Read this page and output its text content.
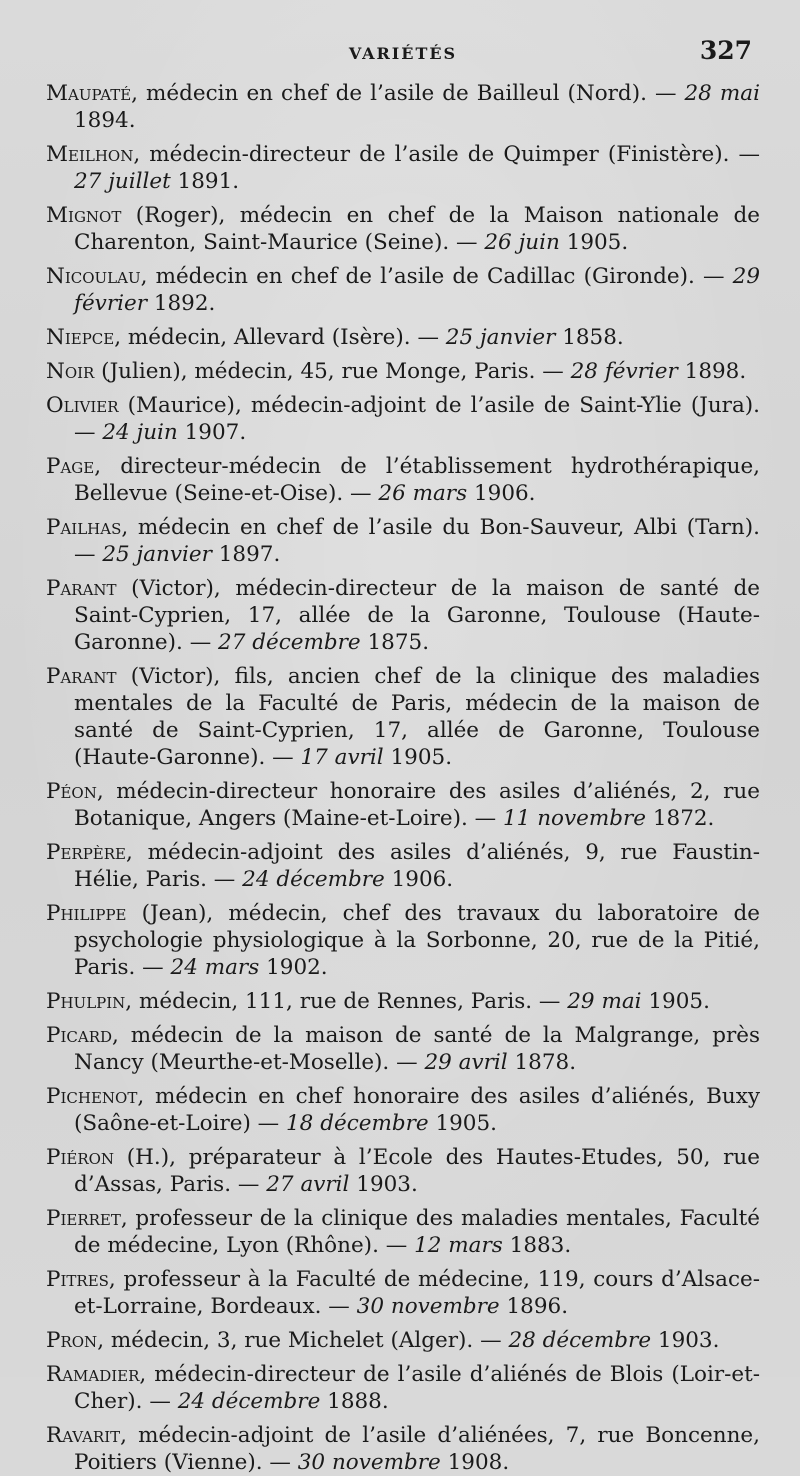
VARIÉTÉS	327
Maupaté, médecin en chef de l’asile de Bailleul (Nord). — 28 mai 1894.
Meilhon, médecin-directeur de l’asile de Quimper (Finistère). — 27 juillet 1891.
Mignot (Roger), médecin en chef de la Maison nationale de Charenton, Saint-Maurice (Seine). — 26 juin 1905.
Nicoulau, médecin en chef de l’asile de Cadillac (Gironde). — 29 février 1892.
Niepce, médecin, Allevard (Isère). — 25 janvier 1858.
Noir (Julien), médecin, 45, rue Monge, Paris. — 28 février 1898.
Olivier (Maurice), médecin-adjoint de l’asile de Saint-Ylie (Jura). — 24 juin 1907.
Page, directeur-médecin de l’établissement hydrothérapique, Bellevue (Seine-et-Oise). — 26 mars 1906.
Pailhas, médecin en chef de l’asile du Bon-Sauveur, Albi (Tarn). — 25 janvier 1897.
Parant (Victor), médecin-directeur de la maison de santé de Saint-Cyprien, 17, allée de la Garonne, Toulouse (Haute-Garonne). — 27 décembre 1875.
Parant (Victor), fils, ancien chef de la clinique des maladies mentales de la Faculté de Paris, médecin de la maison de santé de Saint-Cyprien, 17, allée de Garonne, Toulouse (Haute-Garonne). — 17 avril 1905.
Péon, médecin-directeur honoraire des asiles d’aliénés, 2, rue Botanique, Angers (Maine-et-Loire). — 11 novembre 1872.
Perpère, médecin-adjoint des asiles d’aliénés, 9, rue Faustin-Hélie, Paris. — 24 décembre 1906.
Philippe (Jean), médecin, chef des travaux du laboratoire de psychologie physiologique à la Sorbonne, 20, rue de la Pitié, Paris. — 24 mars 1902.
Phulpin, médecin, 111, rue de Rennes, Paris. — 29 mai 1905.
Picard, médecin de la maison de santé de la Malgrange, près Nancy (Meurthe-et-Moselle). — 29 avril 1878.
Pichenot, médecin en chef honoraire des asiles d’aliénés, Buxy (Saône-et-Loire) — 18 décembre 1905.
Piéron (H.), préparateur à l’Ecole des Hautes-Etudes, 50, rue d’Assas, Paris. — 27 avril 1903.
Pierret, professeur de la clinique des maladies mentales, Faculté de médecine, Lyon (Rhône). — 12 mars 1883.
Pitres, professeur à la Faculté de médecine, 119, cours d’Alsace-et-Lorraine, Bordeaux. — 30 novembre 1896.
Pron, médecin, 3, rue Michelet (Alger). — 28 décembre 1903.
Ramadier, médecin-directeur de l’asile d’aliénés de Blois (Loir-et-Cher). — 24 décembre 1888.
Ravarit, médecin-adjoint de l’asile d’aliénées, 7, rue Boncenne, Poitiers (Vienne). — 30 novembre 1908.
